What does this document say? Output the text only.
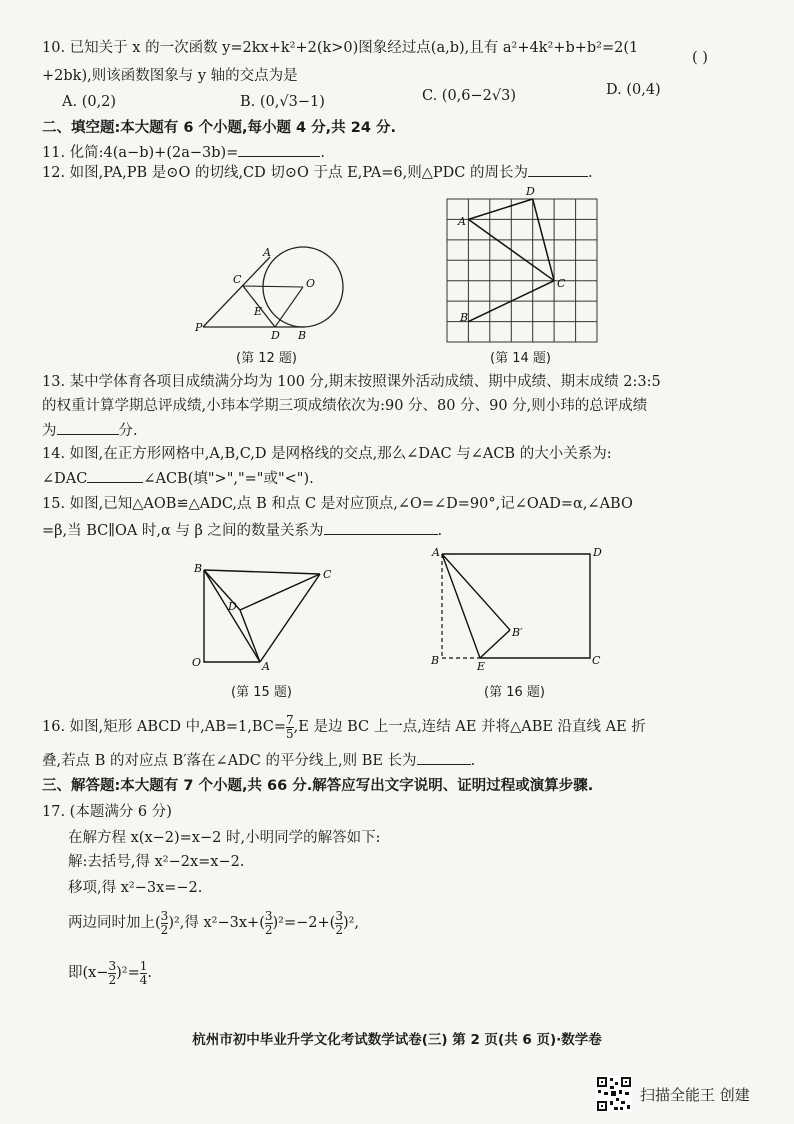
10. 已知关于 x 的一次函数 y=2kx+k²+2(k>0)图象经过点(a,b),且有 a²+4k²+b+b²=2(1
( )
+2bk),则该函数图象与 y 轴的交点为是
A. (0,2)	B. (0,√3−1)	C. (0,6−2√3)	D. (0,4)
二、填空题:本大题有 6 个小题,每小题 4 分,共 24 分.
11. 化简:4(a−b)+(2a−3b)=	.
12. 如图,PA,PB 是⊙O 的切线,CD 切⊙O 于点 E,PA=6,则△PDC 的周长为	.
A
O
C
E
P
D B
(第 12 题)
D
A
C
B
(第 14 题)
13. 某中学体育各项目成绩满分均为 100 分,期末按照课外活动成绩、期中成绩、期末成绩 2:3:5
的权重计算学期总评成绩,小玮本学期三项成绩依次为:90 分、80 分、90 分,则小玮的总评成绩
为	分.
14. 如图,在正方形网格中,A,B,C,D 是网格线的交点,那么∠DAC 与∠ACB 的大小关系为:
∠DAC	∠ACB(填">","="或"<").
15. 如图,已知△AOB≌△ADC,点 B 和点 C 是对应顶点,∠O=∠D=90°,记∠OAD=α,∠ABO
=β,当 BC∥OA 时,α 与 β 之间的数量关系为	.
B	C
D
O	A
(第 15 题)
A	D
B′
B	E	C
(第 16 题)
16. 如图,矩形 ABCD 中$,AB=1,BC= \frac{7}{5} ,E$ 是边 BC 上一点,连结 AE 并将△ABE 沿直线 AE 折
叠,若点 B 的对应点 B′落在∠ADC 的平分线上,则 BE 长为	.
三、解答题:本大题有 7 个小题,共 66 分.解答应写出文字说明、证明过程或演算步骤.
17. (本题满分 6 分)
在解方程 x(x−2)=x−2 时,小明同学的解答如下:
解:去括号,得 x²−2x=x−2.
移项,得 x²−3x=−2.
两边同时加上( $\frac{3}{2} )^2$,得 $x^2-3x+( \frac{3}{2} )^2=-2+( \frac{3}{2} )^2$,
即$(x- \frac{3}{2} )^2= \frac{1}{4}$ .
杭州市初中毕业升学文化考试数学试卷(三) 第 2 页(共 6 页)·数学卷
扫描全能王 创建
